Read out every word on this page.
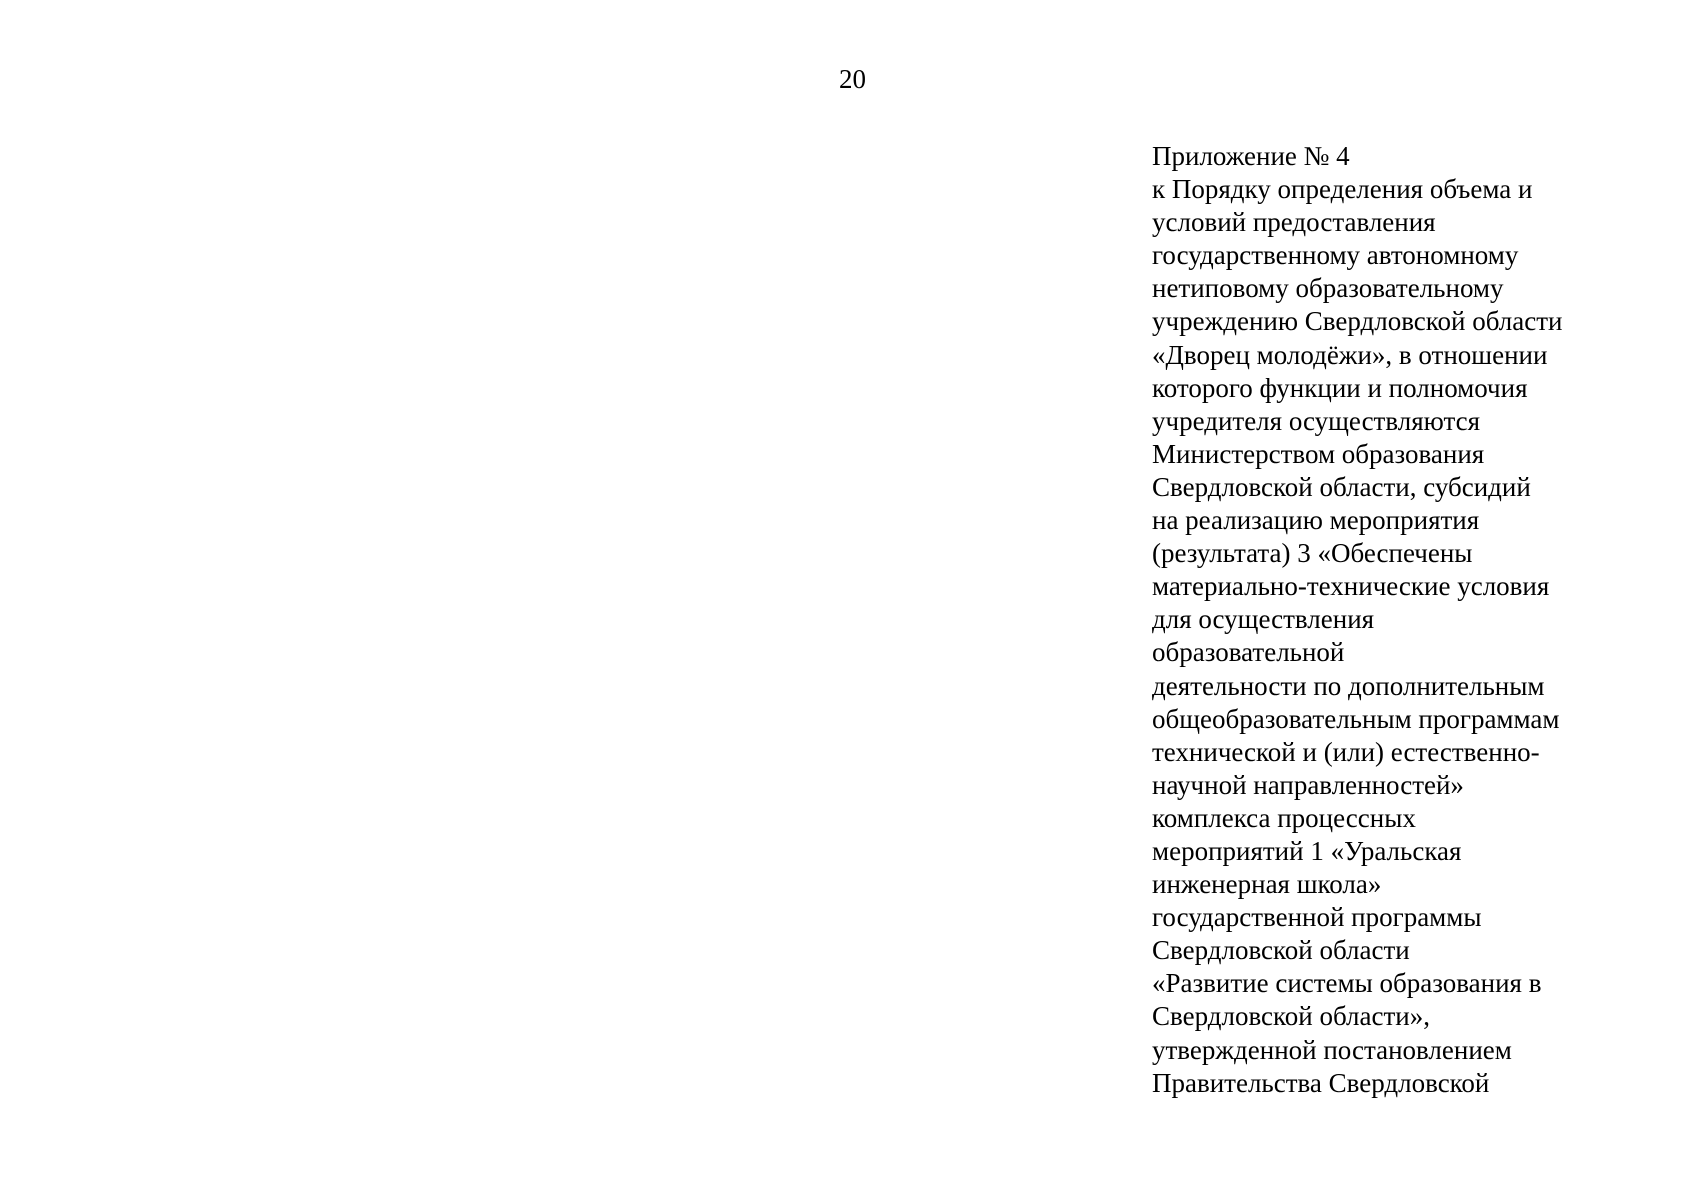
20
Приложение № 4
к Порядку определения объема и
условий предоставления
государственному автономному
нетиповому образовательному
учреждению Свердловской области
«Дворец молодёжи», в отношении
которого функции и полномочия
учредителя осуществляются
Министерством образования
Свердловской области, субсидий
на реализацию мероприятия
(результата) 3 «Обеспечены
материально-технические условия
для осуществления
образовательной
деятельности по дополнительным
общеобразовательным программам
технической и (или) естественно-
научной направленностей»
комплекса процессных
мероприятий 1 «Уральская
инженерная школа»
государственной программы
Свердловской области
«Развитие системы образования в
Свердловской области»,
утвержденной постановлением
Правительства Свердловской
